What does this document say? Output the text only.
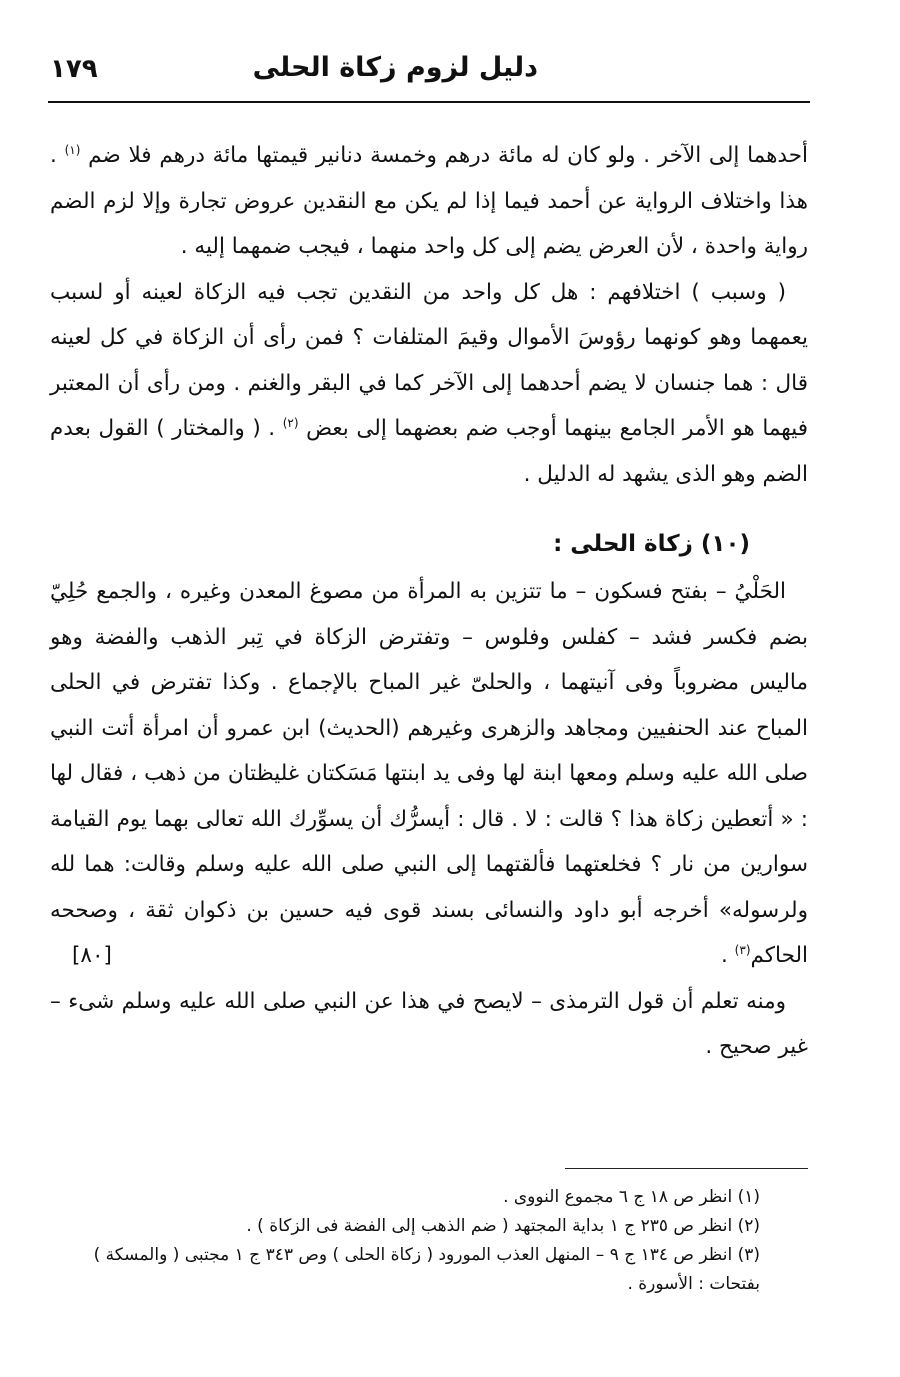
دليل لزوم زكاة الحلى
١٧٩

أحدهما إلى الآخر . ولو كان له مائة درهم وخمسة دنانير قيمتها مائة درهم فلا ضم $^{(١)}$ . هذا واختلاف الرواية عن أحمد فيما إذا لم يكن مع النقدين عروض تجارة وإلا لزم الضم رواية واحدة ، لأن العرض يضم إلى كل واحد منهما ، فيجب ضمهما إليه .

( وسبب ) اختلافهم : هل كل واحد من النقدين تجب فيه الزكاة لعينه أو لسبب يعمهما وهو كونهما رؤوسَ الأموال وقيمَ المتلفات ؟ فمن رأى أن الزكاة في كل لعينه قال : هما جنسان لا يضم أحدهما إلى الآخر كما في البقر والغنم . ومن رأى أن المعتبر فيهما هو الأمر الجامع بينهما أوجب ضم بعضهما إلى بعض $^{(٢)}$ . ( والمختار ) القول بعدم الضم وهو الذى يشهد له الدليل .

(١٠) زكاة الحلى :

الحَلْيُ – بفتح فسكون – ما تتزين به المرأة من مصوغ المعدن وغيره ، والجمع حُلِيّ بضم فكسر فشد – كفلس وفلوس – وتفترض الزكاة في تِبر الذهب والفضة وهو ماليس مضروباً وفى آنيتهما ، والحلىّ غير المباح بالإجماع . وكذا تفترض في الحلى المباح عند الحنفيين ومجاهد والزهرى وغيرهم (الحديث) ابن عمرو أن امرأة أتت النبي صلى الله عليه وسلم ومعها ابنة لها وفى يد ابنتها مَسَكتان غليظتان من ذهب ، فقال لها : « أتعطين زكاة هذا ؟ قالت : لا . قال : أيسرُّك أن يسوِّرك الله تعالى بهما يوم القيامة سوارين من نار ؟ فخلعتهما فألقتهما إلى النبي صلى الله عليه وسلم وقالت: هما لله ولرسوله» أخرجه أبو داود والنسائى بسند قوى فيه حسين بن ذكوان ثقة ، وصححه الحاكم$^{(٣)}$ .
[٨٠]

ومنه تعلم أن قول الترمذى – لايصح في هذا عن النبي صلى الله عليه وسلم شىء – غير صحيح .

(١) انظر ص ١٨ ج ٦ مجموع النووى .

(٢) انظر ص ٢٣٥ ج ١ بداية المجتهد ( ضم الذهب إلى الفضة فى الزكاة ) .

(٣) انظر ص ١٣٤ ج ٩ – المنهل العذب المورود ( زكاة الحلى ) وص ٣٤٣ ج ١ مجتبى ( والمسكة ) بفتحات : الأسورة .
